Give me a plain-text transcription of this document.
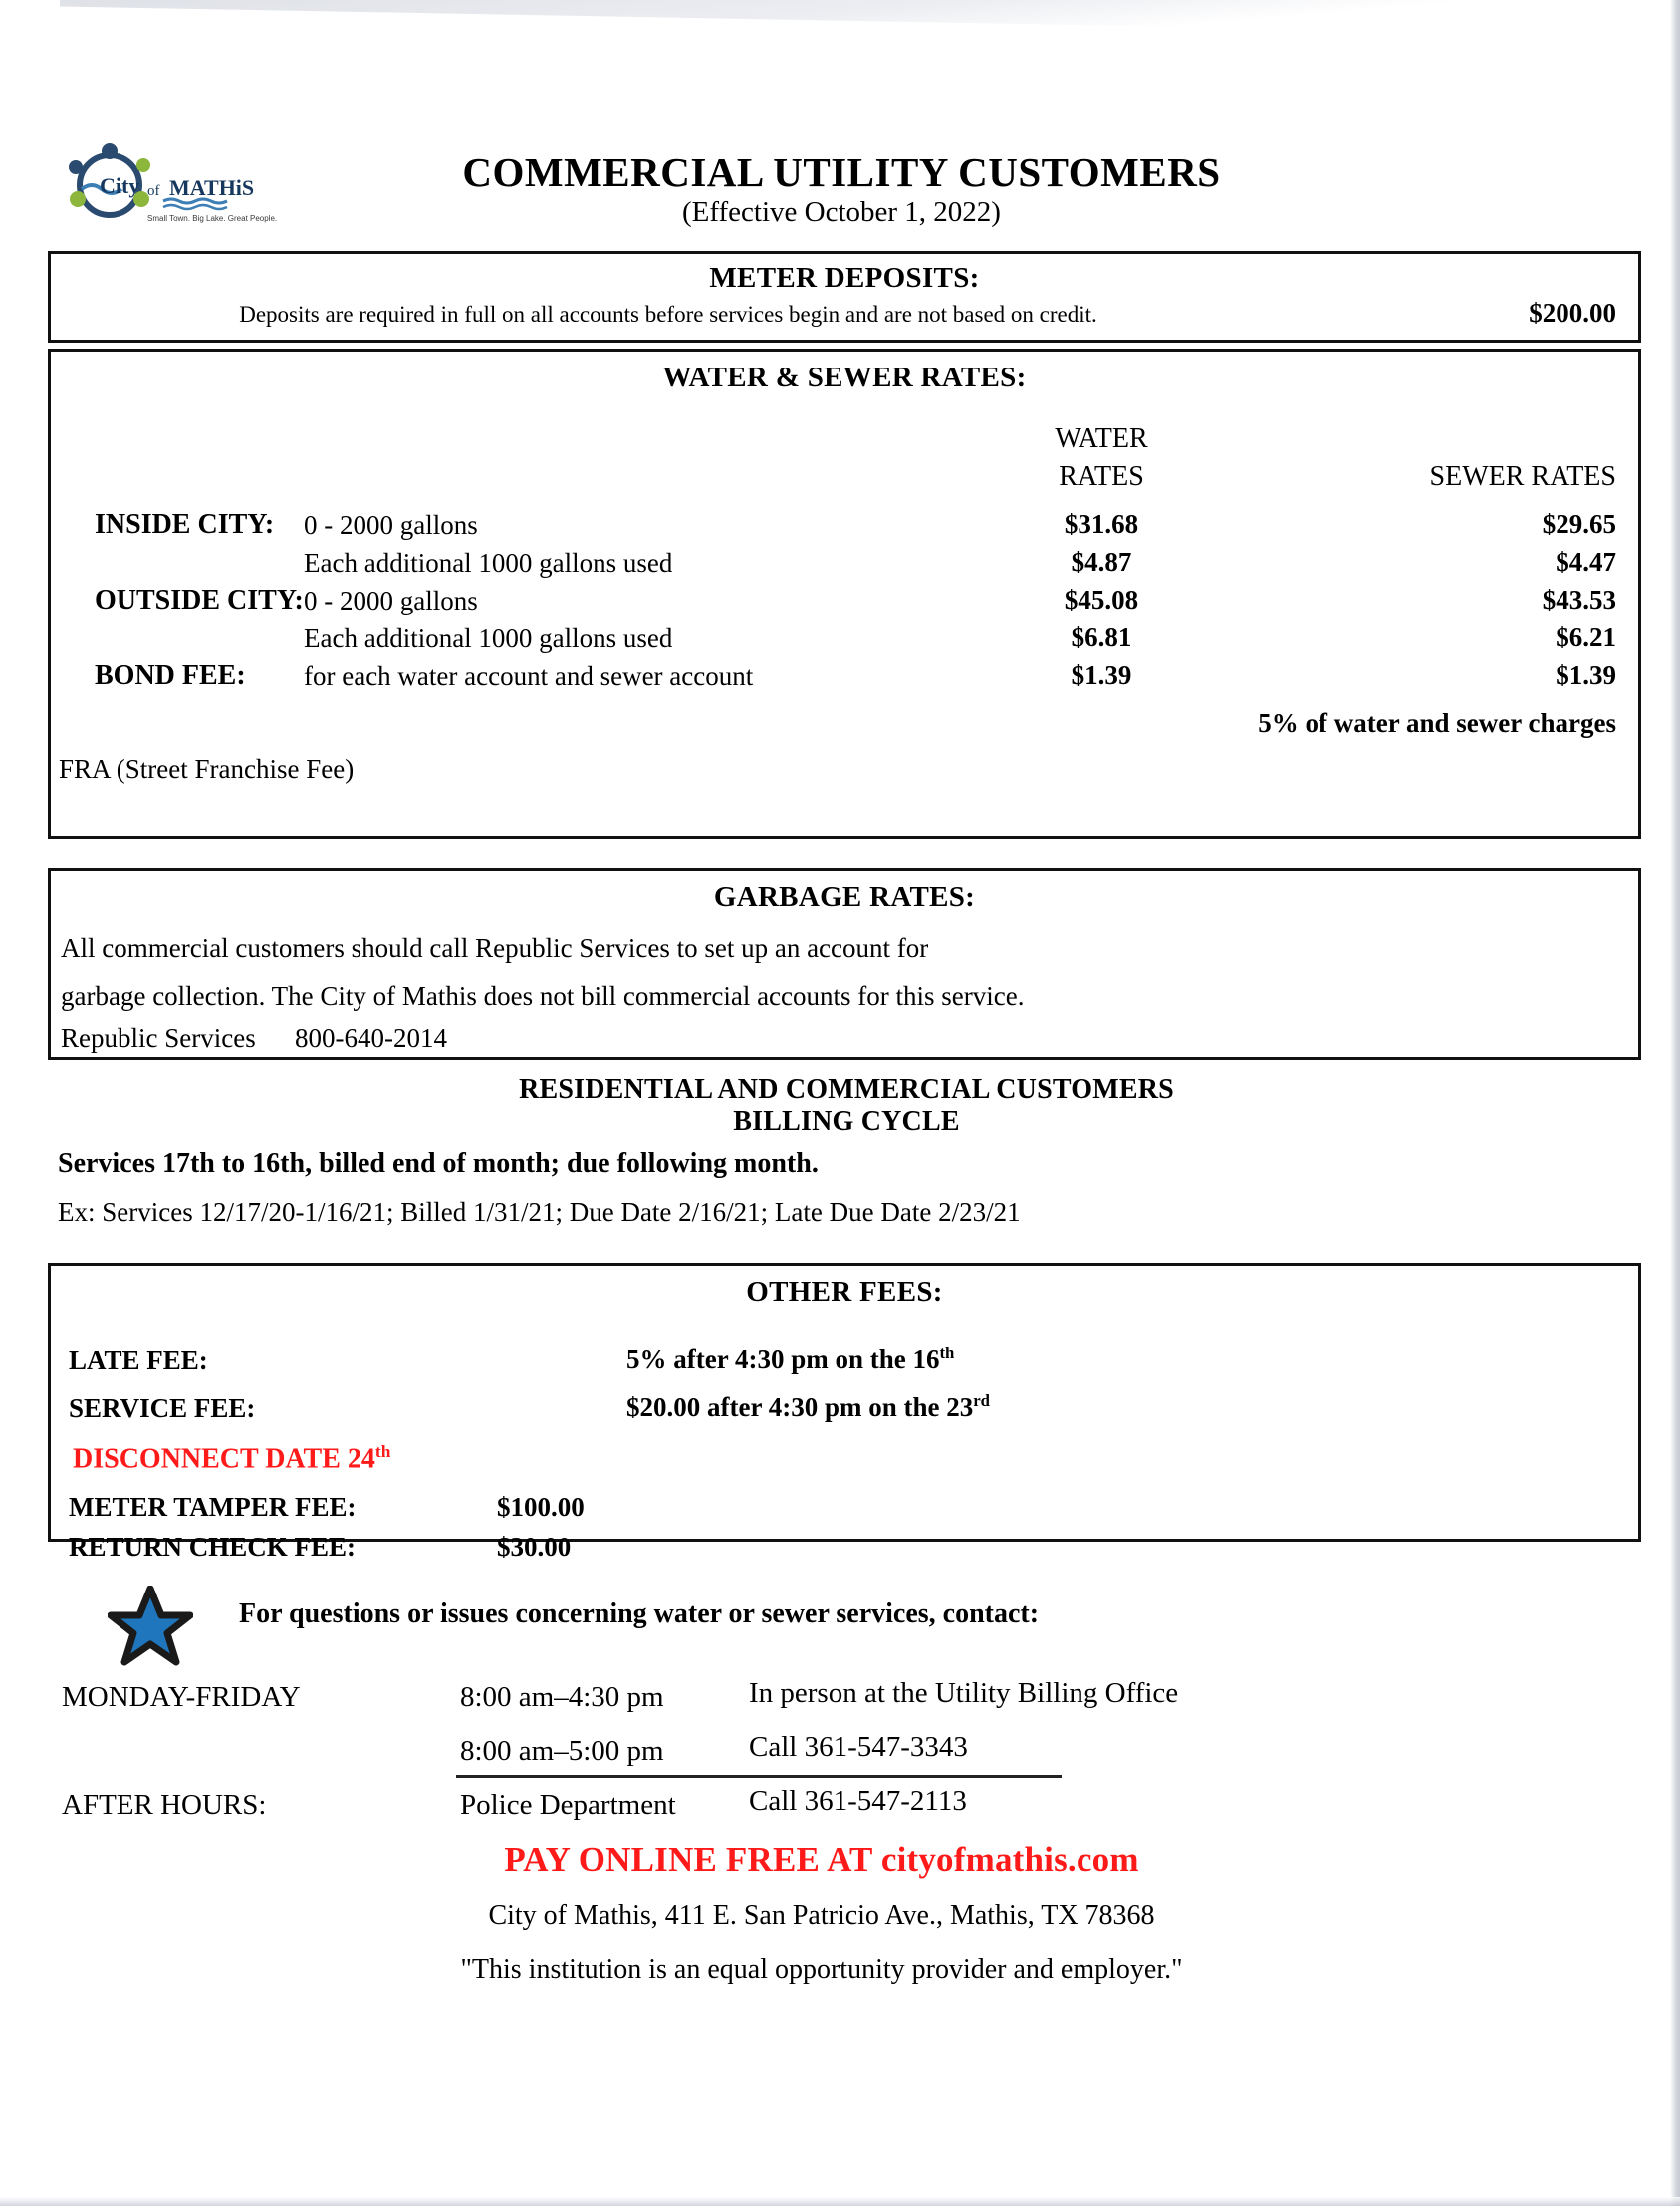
City of MATHiS
Small Town. Big Lake. Great People.
COMMERCIAL UTILITY CUSTOMERS
(Effective October 1, 2022)
METER DEPOSITS:
Deposits are required in full on all accounts before services begin and are not based on credit.	$200.00
WATER & SEWER RATES:
WATER
RATES	SEWER RATES
INSIDE CITY: 0 - 2000 gallons	$31.68	$29.65
Each additional 1000 gallons used	$4.87	$4.47
OUTSIDE CITY: 0 - 2000 gallons	$45.08	$43.53
Each additional 1000 gallons used	$6.81	$6.21
BOND FEE: for each water account and sewer account	$1.39	$1.39
5% of water and sewer charges
FRA (Street Franchise Fee)
GARBAGE RATES:
All commercial customers should call Republic Services to set up an account for
garbage collection. The City of Mathis does not bill commercial accounts for this service.
Republic Services 800-640-2014
RESIDENTIAL AND COMMERCIAL CUSTOMERS
BILLING CYCLE
Services 17th to 16th, billed end of month; due following month.
Ex: Services 12/17/20-1/16/21; Billed 1/31/21; Due Date 2/16/21; Late Due Date 2/23/21
OTHER FEES:
LATE FEE:	5% after 4:30 pm on the 16th
SERVICE FEE:	$20.00 after 4:30 pm on the 23rd
DISCONNECT DATE 24th
METER TAMPER FEE:	$100.00
RETURN CHECK FEE:	$30.00
For questions or issues concerning water or sewer services, contact:
MONDAY-FRIDAY	8:00 am–4:30 pm	In person at the Utility Billing Office
8:00 am–5:00 pm	Call 361-547-3343
AFTER HOURS:	Police Department	Call 361-547-2113
PAY ONLINE FREE AT cityofmathis.com
City of Mathis, 411 E. San Patricio Ave., Mathis, TX 78368
"This institution is an equal opportunity provider and employer."
